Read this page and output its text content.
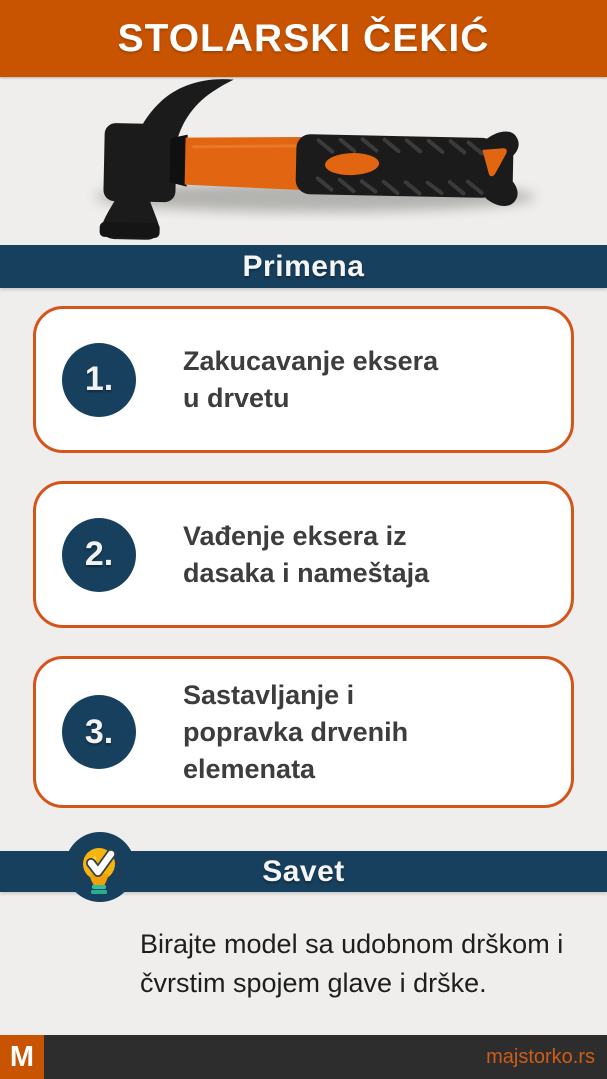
STOLARSKI ČEKIĆ
Primena
1.	Zakucavanje eksera
u drvetu
2.	Vađenje eksera iz
dasaka i nameštaja
3.
Sastavljanje i
popravka drvenih
elemenata
Savet
Birajte model sa udobnom drškom i
čvrstim spojem glave i drške.
M	majstorko.rs
